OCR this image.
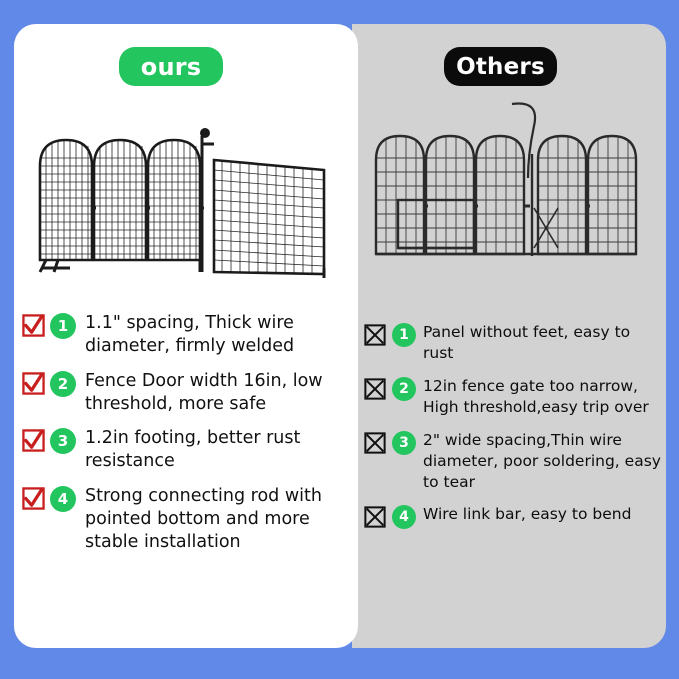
ours	Others
1 1.1" spacing, Thick wire diameter, firmly welded
2 Fence Door width 16in, low threshold, more safe
3 1.2in footing, better rust resistance
4 Strong connecting rod with pointed bottom and more stable installation
1 Panel without feet, easy to rust
2 12in fence gate too narrow, High threshold,easy trip over
3 2" wide spacing,Thin wire diameter, poor soldering, easy to tear
4 Wire link bar, easy to bend
